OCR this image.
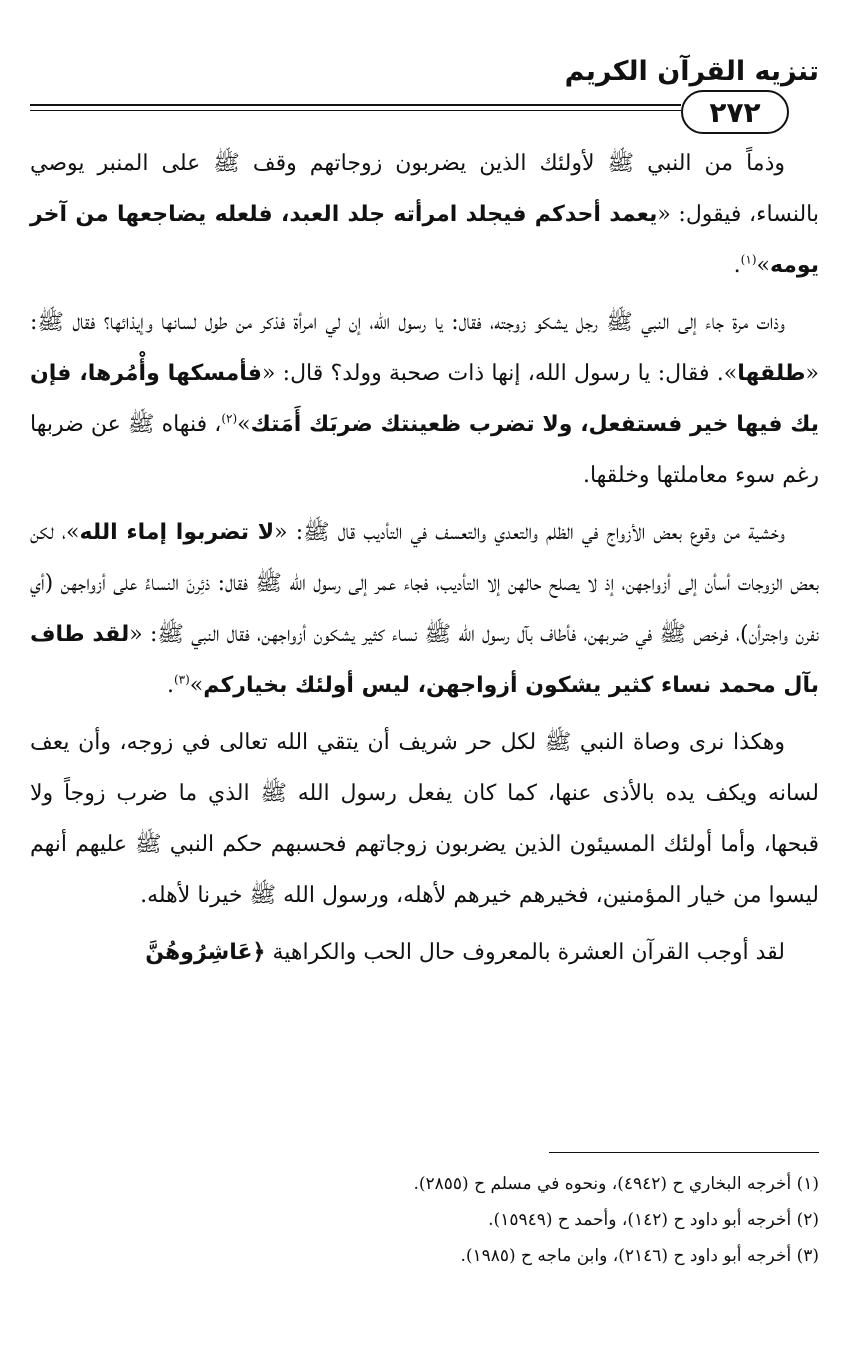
تنزيه القرآن الكريم
٢٧٢

وذماً من النبي ﷺ لأولئك الذين يضربون زوجاتهم وقف ﷺ على المنبر يوصي بالنساء، فيقول: «يعمد أحدكم فيجلد امرأته جلد العبد، فلعله يضاجعها من آخر يومه»$^{(١)}$.

وذات مرة جاء إلى النبي ﷺ رجل يشكو زوجته، فقال: يا رسول الله، إن لي امرأة فذكر من طول لسانها وإيذائها؟ فقال ﷺ: «طلقها». فقال: يا رسول الله، إنها ذات صحبة وولد؟ قال: «فأمسكها وأْمُرها، فإن يك فيها خير فستفعل، ولا تضرب ظعينتك ضربَك أَمَتك»$^{(٢)}$، فنهاه ﷺ عن ضربها رغم سوء معاملتها وخلقها.

وخشية من وقوع بعض الأزواج في الظلم والتعدي والتعسف في التأديب قال ﷺ: «لا تضربوا إماء الله»، لكن بعض الزوجات أسأن إلى أزواجهن، إذ لا يصلح حالهن إلا التأديب، فجاء عمر إلى رسول الله ﷺ فقال: ذئِرنَ النساءُ على أزواجهن (أي نفرن واجترأن)، فرخص ﷺ في ضربهن، فأطاف بآل رسول الله ﷺ نساء كثير يشكون أزواجهن، فقال النبي ﷺ: «لقد طاف بآل محمد نساء كثير يشكون أزواجهن، ليس أولئك بخياركم»$^{(٣)}$.

وهكذا نرى وصاة النبي ﷺ لكل حر شريف أن يتقي الله تعالى في زوجه، وأن يعف لسانه ويكف يده بالأذى عنها، كما كان يفعل رسول الله ﷺ الذي ما ضرب زوجاً ولا قبحها، وأما أولئك المسيئون الذين يضربون زوجاتهم فحسبهم حكم النبي ﷺ عليهم أنهم ليسوا من خيار المؤمنين، فخيرهم خيرهم لأهله، ورسول الله ﷺ خيرنا لأهله.

لقد أوجب القرآن العشرة بالمعروف حال الحب والكراهية ﴿عَاشِرُوهُنَّ

(١) أخرجه البخاري ح (٤٩٤٢)، ونحوه في مسلم ح (٢٨٥٥).
(٢) أخرجه أبو داود ح (١٤٢)، وأحمد ح (١٥٩٤٩).
(٣) أخرجه أبو داود ح (٢١٤٦)، وابن ماجه ح (١٩٨٥).
